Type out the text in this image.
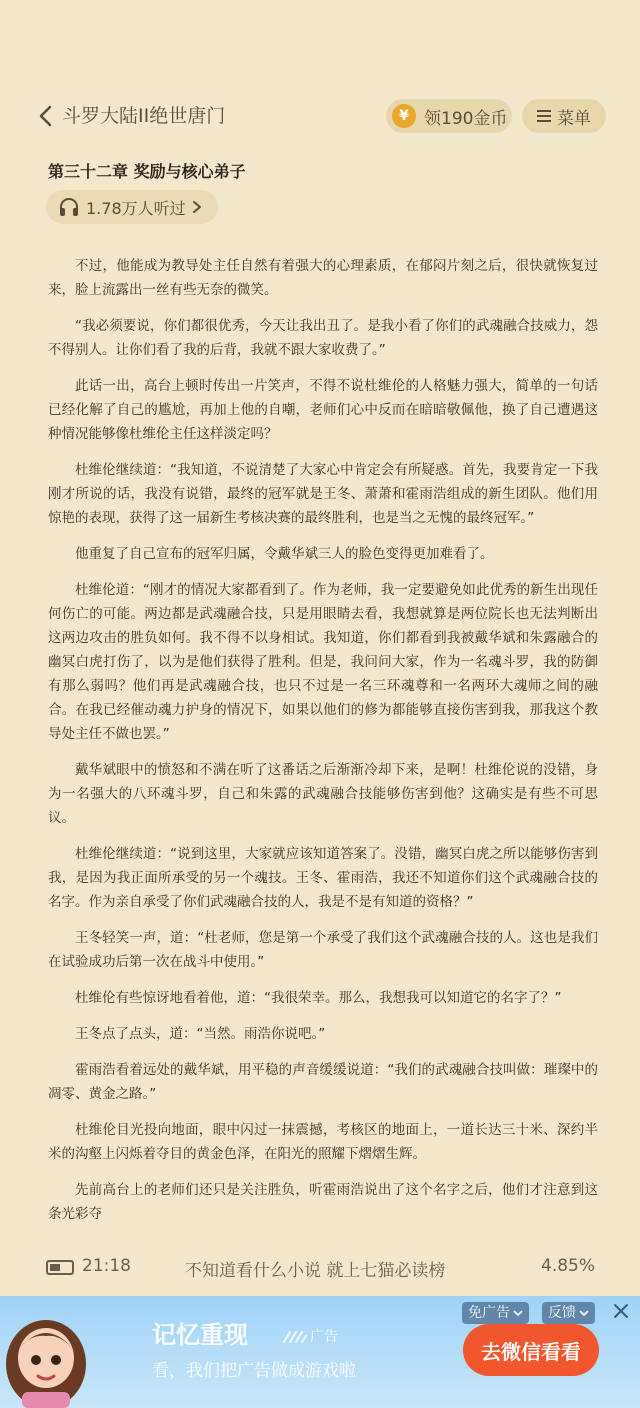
斗罗大陆II绝世唐门	¥ 领190金币	菜单
第三十二章 奖励与核心弟子
1.78万人听过

不过，他能成为教导处主任自然有着强大的心理素质，在郁闷片刻之后，很快就恢复过来，脸上流露出一丝有些无奈的微笑。

“我必须要说，你们都很优秀，今天让我出丑了。是我小看了你们的武魂融合技威力，怨不得别人。让你们看了我的后背，我就不跟大家收费了。”

此话一出，高台上顿时传出一片笑声，不得不说杜维伦的人格魅力强大，简单的一句话已经化解了自己的尴尬，再加上他的自嘲，老师们心中反而在暗暗敬佩他，换了自己遭遇这种情况能够像杜维伦主任这样淡定吗？

杜维伦继续道：“我知道，不说清楚了大家心中肯定会有所疑惑。首先，我要肯定一下我刚才所说的话，我没有说错，最终的冠军就是王冬、萧萧和霍雨浩组成的新生团队。他们用惊艳的表现，获得了这一届新生考核决赛的最终胜利，也是当之无愧的最终冠军。”

他重复了自己宣布的冠军归属，令戴华斌三人的脸色变得更加难看了。

杜维伦道：“刚才的情况大家都看到了。作为老师，我一定要避免如此优秀的新生出现任何伤亡的可能。两边都是武魂融合技，只是用眼睛去看，我想就算是两位院长也无法判断出这两边攻击的胜负如何。我不得不以身相试。我知道，你们都看到我被戴华斌和朱露融合的幽冥白虎打伤了，以为是他们获得了胜利。但是，我问问大家，作为一名魂斗罗，我的防御有那么弱吗？他们再是武魂融合技，也只不过是一名三环魂尊和一名两环大魂师之间的融合。在我已经催动魂力护身的情况下，如果以他们的修为都能够直接伤害到我，那我这个教导处主任不做也罢。”

戴华斌眼中的愤怒和不满在听了这番话之后渐渐冷却下来，是啊！杜维伦说的没错，身为一名强大的八环魂斗罗，自己和朱露的武魂融合技能够伤害到他？这确实是有些不可思议。

杜维伦继续道：“说到这里，大家就应该知道答案了。没错，幽冥白虎之所以能够伤害到我，是因为我正面所承受的另一个魂技。王冬、霍雨浩，我还不知道你们这个武魂融合技的名字。作为亲自承受了你们武魂融合技的人，我是不是有知道的资格？”

王冬轻笑一声，道：“杜老师，您是第一个承受了我们这个武魂融合技的人。这也是我们在试验成功后第一次在战斗中使用。”

杜维伦有些惊讶地看着他，道：“我很荣幸。那么，我想我可以知道它的名字了？”

王冬点了点头，道：“当然。雨浩你说吧。”

霍雨浩看着远处的戴华斌，用平稳的声音缓缓说道：“我们的武魂融合技叫做：璀璨中的凋零、黄金之路。”

杜维伦目光投向地面，眼中闪过一抹震撼，考核区的地面上，一道长达三十米、深约半米的沟壑上闪烁着夺目的黄金色泽，在阳光的照耀下熠熠生辉。

先前高台上的老师们还只是关注胜负，听霍雨浩说出了这个名字之后，他们才注意到这条光彩夺

21:18	不知道看什么小说 就上七猫必读榜	4.85%
记忆重现	广告
看，我们把广告做成游戏啦
免广告	反馈
去微信看看
